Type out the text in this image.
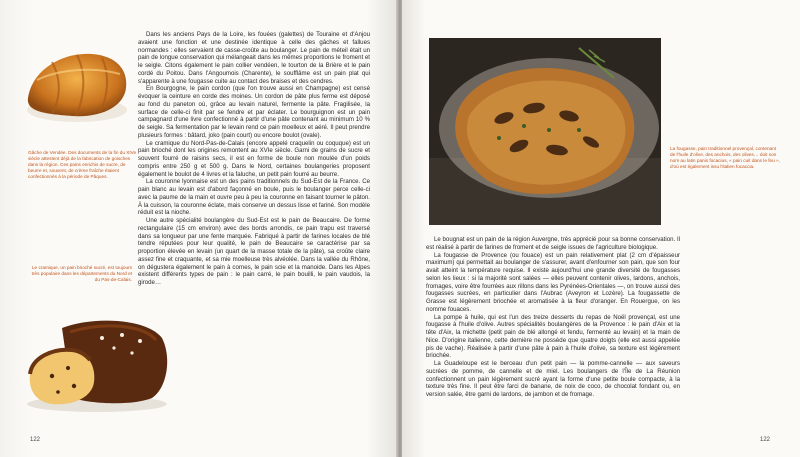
Gâche de Vendée. Des documents de la fin du XIVe siècle attestent déjà de la fabrication de goisches dans la région. Ces pains enrichis de sucre, de beurre et, souvent, de crème fraîche étaient confectionnés à la période de Pâques.
Le cramique, un pain brioché sucré, est toujours très populaire dans les départements du Nord et du Pas-de-Calais.

Dans les anciens Pays de la Loire, les fouées (galettes) de Touraine et d'Anjou avaient une fonction et une destinée identique à celle des gâches et fallues normandes : elles servaient de casse-croûte au boulanger. Le pain de méteil était un pain de longue conservation qui mélangeait dans les mêmes proportions le froment et le seigle. Citons également le pain collier vendéen, le tourton de la Brière et le pain cordé du Poitou. Dans l'Angoumois (Charente), le soufflâme est un pain plat qui s'apparente à une fougasse cuite au contact des braises et des cendres.

En Bourgogne, le pain cordon (que l'on trouve aussi en Champagne) est censé évoquer la ceinture en corde des moines. Un cordon de pâte plus ferme est déposé au fond du paneton où, grâce au levain naturel, fermente la pâte. Fragilisée, la surface de celle-ci finit par se fendre et par éclater. Le bourguignon est un pain campagnard d'une livre confectionné à partir d'une pâte contenant au minimum 10 % de seigle. Sa fermentation par le levain rend ce pain moelleux et aéré. Il peut prendre plusieurs formes : bâtard, joko (pain court) ou encore boulot (ovale).

Le cramique du Nord-Pas-de-Calais (encore appelé craquelin ou coquque) est un pain brioché dont les origines remontent au XVIe siècle. Garni de grains de sucre et souvent fourré de raisins secs, il est en forme de boule non moulée d'un poids compris entre 250 g et 500 g. Dans le Nord, certaines boulangeries proposent également le boulot de 4 livres et la faluche, un petit pain fourré au beurre.

La couronne lyonnaise est un des pains traditionnels du Sud-Est de la France. Ce pain blanc au levain est d'abord façonné en boule, puis le boulanger perce celle-ci avec la paume de la main et ouvre peu à peu la couronne en faisant tourner le pâton. À la cuisson, la couronne éclate, mais conserve un dessus lisse et fariné. Son modèle réduit est la nioche.

Une autre spécialité boulangère du Sud-Est est le pain de Beaucaire. De forme rectangulaire (15 cm environ) avec des bords arrondis, ce pain trapu est traversé dans sa longueur par une fente marquée. Fabriqué à partir de farines locales de blé tendre réputées pour leur qualité, le pain de Beaucaire se caractérise par sa proportion élevée en levain (un quart de la masse totale de la pâte), sa croûte claire assez fine et craquante, et sa mie moelleuse très alvéolée. Dans la vallée du Rhône, on dégustera également le pain à cornes, le pain scie et la manoide. Dans les Alpes existent différents types de pain : le pain carré, le pain bouilli, le pain vaudois, la girode…

122
La fougasse, pain traditionnel provençal, contenant de l'huile d'olive, des anchois, des olives… doit son nom au latin panis focacius, « pain cuit dans le feu », d'où est également issu l'italien focaccia.

Le bougnat est un pain de la région Auvergne, très apprécié pour sa bonne conservation. Il est réalisé à partir de farines de froment et de seigle issues de l'agriculture biologique.

La fougasse de Provence (ou fouace) est un pain relativement plat (2 cm d'épaisseur maximum) qui permettait au boulanger de s'assurer, avant d'enfourner son pain, que son four avait atteint la température requise. Il existe aujourd'hui une grande diversité de fougasses selon les lieux : si la majorité sont salées — elles peuvent contenir olives, lardons, anchois, fromages, voire être fourrées aux rillons dans les Pyrénées-Orientales —, on trouve aussi des fougasses sucrées, en particulier dans l'Aubrac (Aveyron et Lozère). La fougassette de Grasse est légèrement briochée et aromatisée à la fleur d'oranger. En Rouergue, on les nomme fouaces.

La pompe à huile, qui est l'un des treize desserts du repas de Noël provençal, est une fougasse à l'huile d'olive. Autres spécialités boulangères de la Provence : le pain d'Aix et la tête d'Aix, la michette (petit pain de blé allongé et fendu, fermenté au levain) et la main de Nice. D'origine italienne, cette dernière ne possède que quatre doigts (elle est aussi appelée pis de vache). Réalisée à partir d'une pâte à pain à l'huile d'olive, sa texture est légèrement briochée.

La Guadeloupe est le berceau d'un petit pain — la pomme-cannelle — aux saveurs sucrées de pomme, de cannelle et de miel. Les boulangers de l'Île de La Réunion confectionnent un pain légèrement sucré ayant la forme d'une petite boule compacte, à la texture très fine. Il peut être farci de banane, de noix de coco, de chocolat fondant ou, en version salée, être garni de lardons, de jambon et de fromage.

122
